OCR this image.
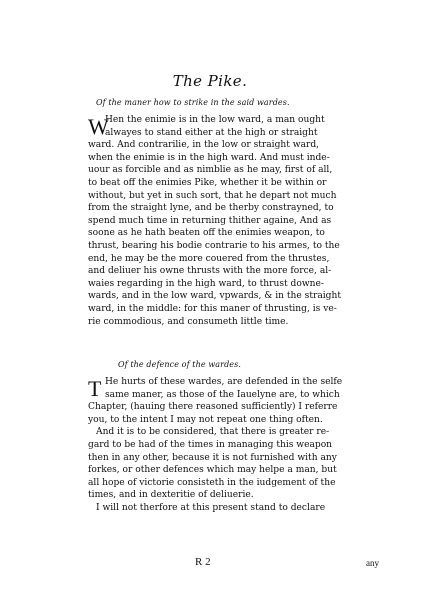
The Pike.
Of the maner how to strike in the said wardes.
W
Hen the enimie is in the low ward, a man ought
alwayes to stand either at the high or straight
ward. And contrarilie, in the low or straight ward,
when the enimie is in the high ward. And must inde-
uour as forcible and as nimblie as he may, first of all,
to beat off the enimies Pike, whether it be within or
without, but yet in such sort, that he depart not much
from the straight lyne, and be therby constrayned, to
spend much time in returning thither againe, And as
soone as he hath beaten off the enimies weapon, to
thrust, bearing his bodie contrarie to his armes, to the
end, he may be the more couered from the thrustes,
and deliuer his owne thrusts with the more force, al-
waies regarding in the high ward, to thrust downe-
wards, and in the low ward, vpwards, & in the straight
ward, in the middle: for this maner of thrusting, is ve-
rie commodious, and consumeth little time.
Of the defence of the wardes.
T He hurts of these wardes, are defended in the selfe
same maner, as those of the Iauelyne are, to which
Chapter, (hauing there reasoned sufficiently) I referre
you, to the intent I may not repeat one thing often.
And it is to be considered, that there is greater re-
gard to be had of the times in managing this weapon
then in any other, because it is not furnished with any
forkes, or other defences which may helpe a man, but
all hope of victorie consisteth in the iudgement of the
times, and in dexteritie of deliuerie.
I will not therfore at this present stand to declare
R 2	any
